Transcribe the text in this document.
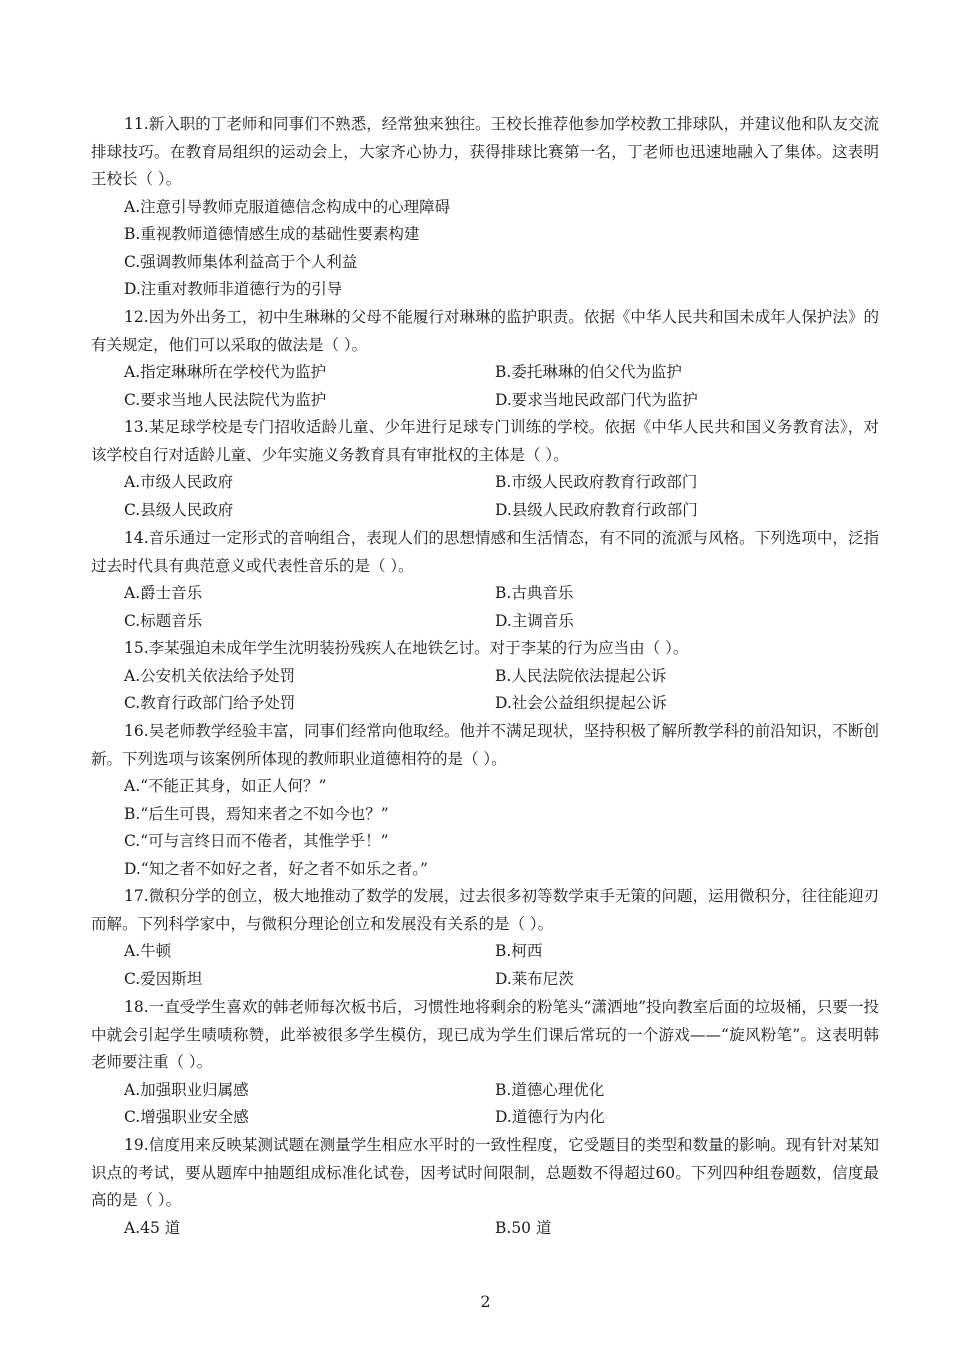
11.新入职的丁老师和同事们不熟悉，经常独来独往。王校长推荐他参加学校教工排球队，并建议他和队友交流排球技巧。在教育局组织的运动会上，大家齐心协力，获得排球比赛第一名，丁老师也迅速地融入了集体。这表明王校长（ ）。
A.注意引导教师克服道德信念构成中的心理障碍
B.重视教师道德情感生成的基础性要素构建
C.强调教师集体利益高于个人利益
D.注重对教师非道德行为的引导
12.因为外出务工，初中生琳琳的父母不能履行对琳琳的监护职责。依据《中华人民共和国未成年人保护法》的有关规定，他们可以采取的做法是（ ）。
A.指定琳琳所在学校代为监护	B.委托琳琳的伯父代为监护
C.要求当地人民法院代为监护	D.要求当地民政部门代为监护
13.某足球学校是专门招收适龄儿童、少年进行足球专门训练的学校。依据《中华人民共和国义务教育法》，对该学校自行对适龄儿童、少年实施义务教育具有审批权的主体是（ ）。
A.市级人民政府	B.市级人民政府教育行政部门
C.县级人民政府	D.县级人民政府教育行政部门
14.音乐通过一定形式的音响组合，表现人们的思想情感和生活情态，有不同的流派与风格。下列选项中，泛指过去时代具有典范意义或代表性音乐的是（ ）。
A.爵士音乐	B.古典音乐
C.标题音乐	D.主调音乐
15.李某强迫未成年学生沈明装扮残疾人在地铁乞讨。对于李某的行为应当由（ ）。
A.公安机关依法给予处罚	B.人民法院依法提起公诉
C.教育行政部门给予处罚	D.社会公益组织提起公诉
16.吴老师教学经验丰富，同事们经常向他取经。他并不满足现状，坚持积极了解所教学科的前沿知识，不断创新。下列选项与该案例所体现的教师职业道德相符的是（ ）。
A.“不能正其身，如正人何？”
B.“后生可畏，焉知来者之不如今也？”
C.“可与言终日而不倦者，其惟学乎！”
D.“知之者不如好之者，好之者不如乐之者。”
17.微积分学的创立，极大地推动了数学的发展，过去很多初等数学束手无策的问题，运用微积分，往往能迎刃而解。下列科学家中，与微积分理论创立和发展没有关系的是（ ）。
A.牛顿	B.柯西
C.爱因斯坦	D.莱布尼茨
18.一直受学生喜欢的韩老师每次板书后，习惯性地将剩余的粉笔头“潇洒地”投向教室后面的垃圾桶，只要一投中就会引起学生啧啧称赞，此举被很多学生模仿，现已成为学生们课后常玩的一个游戏——“旋风粉笔”。这表明韩老师要注重（ ）。
A.加强职业归属感	B.道德心理优化
C.增强职业安全感	D.道德行为内化
19.信度用来反映某测试题在测量学生相应水平时的一致性程度，它受题目的类型和数量的影响。现有针对某知识点的考试，要从题库中抽题组成标准化试卷，因考试时间限制，总题数不得超过60。下列四种组卷题数，信度最高的是（ ）。
A.45 道	B.50 道
2
